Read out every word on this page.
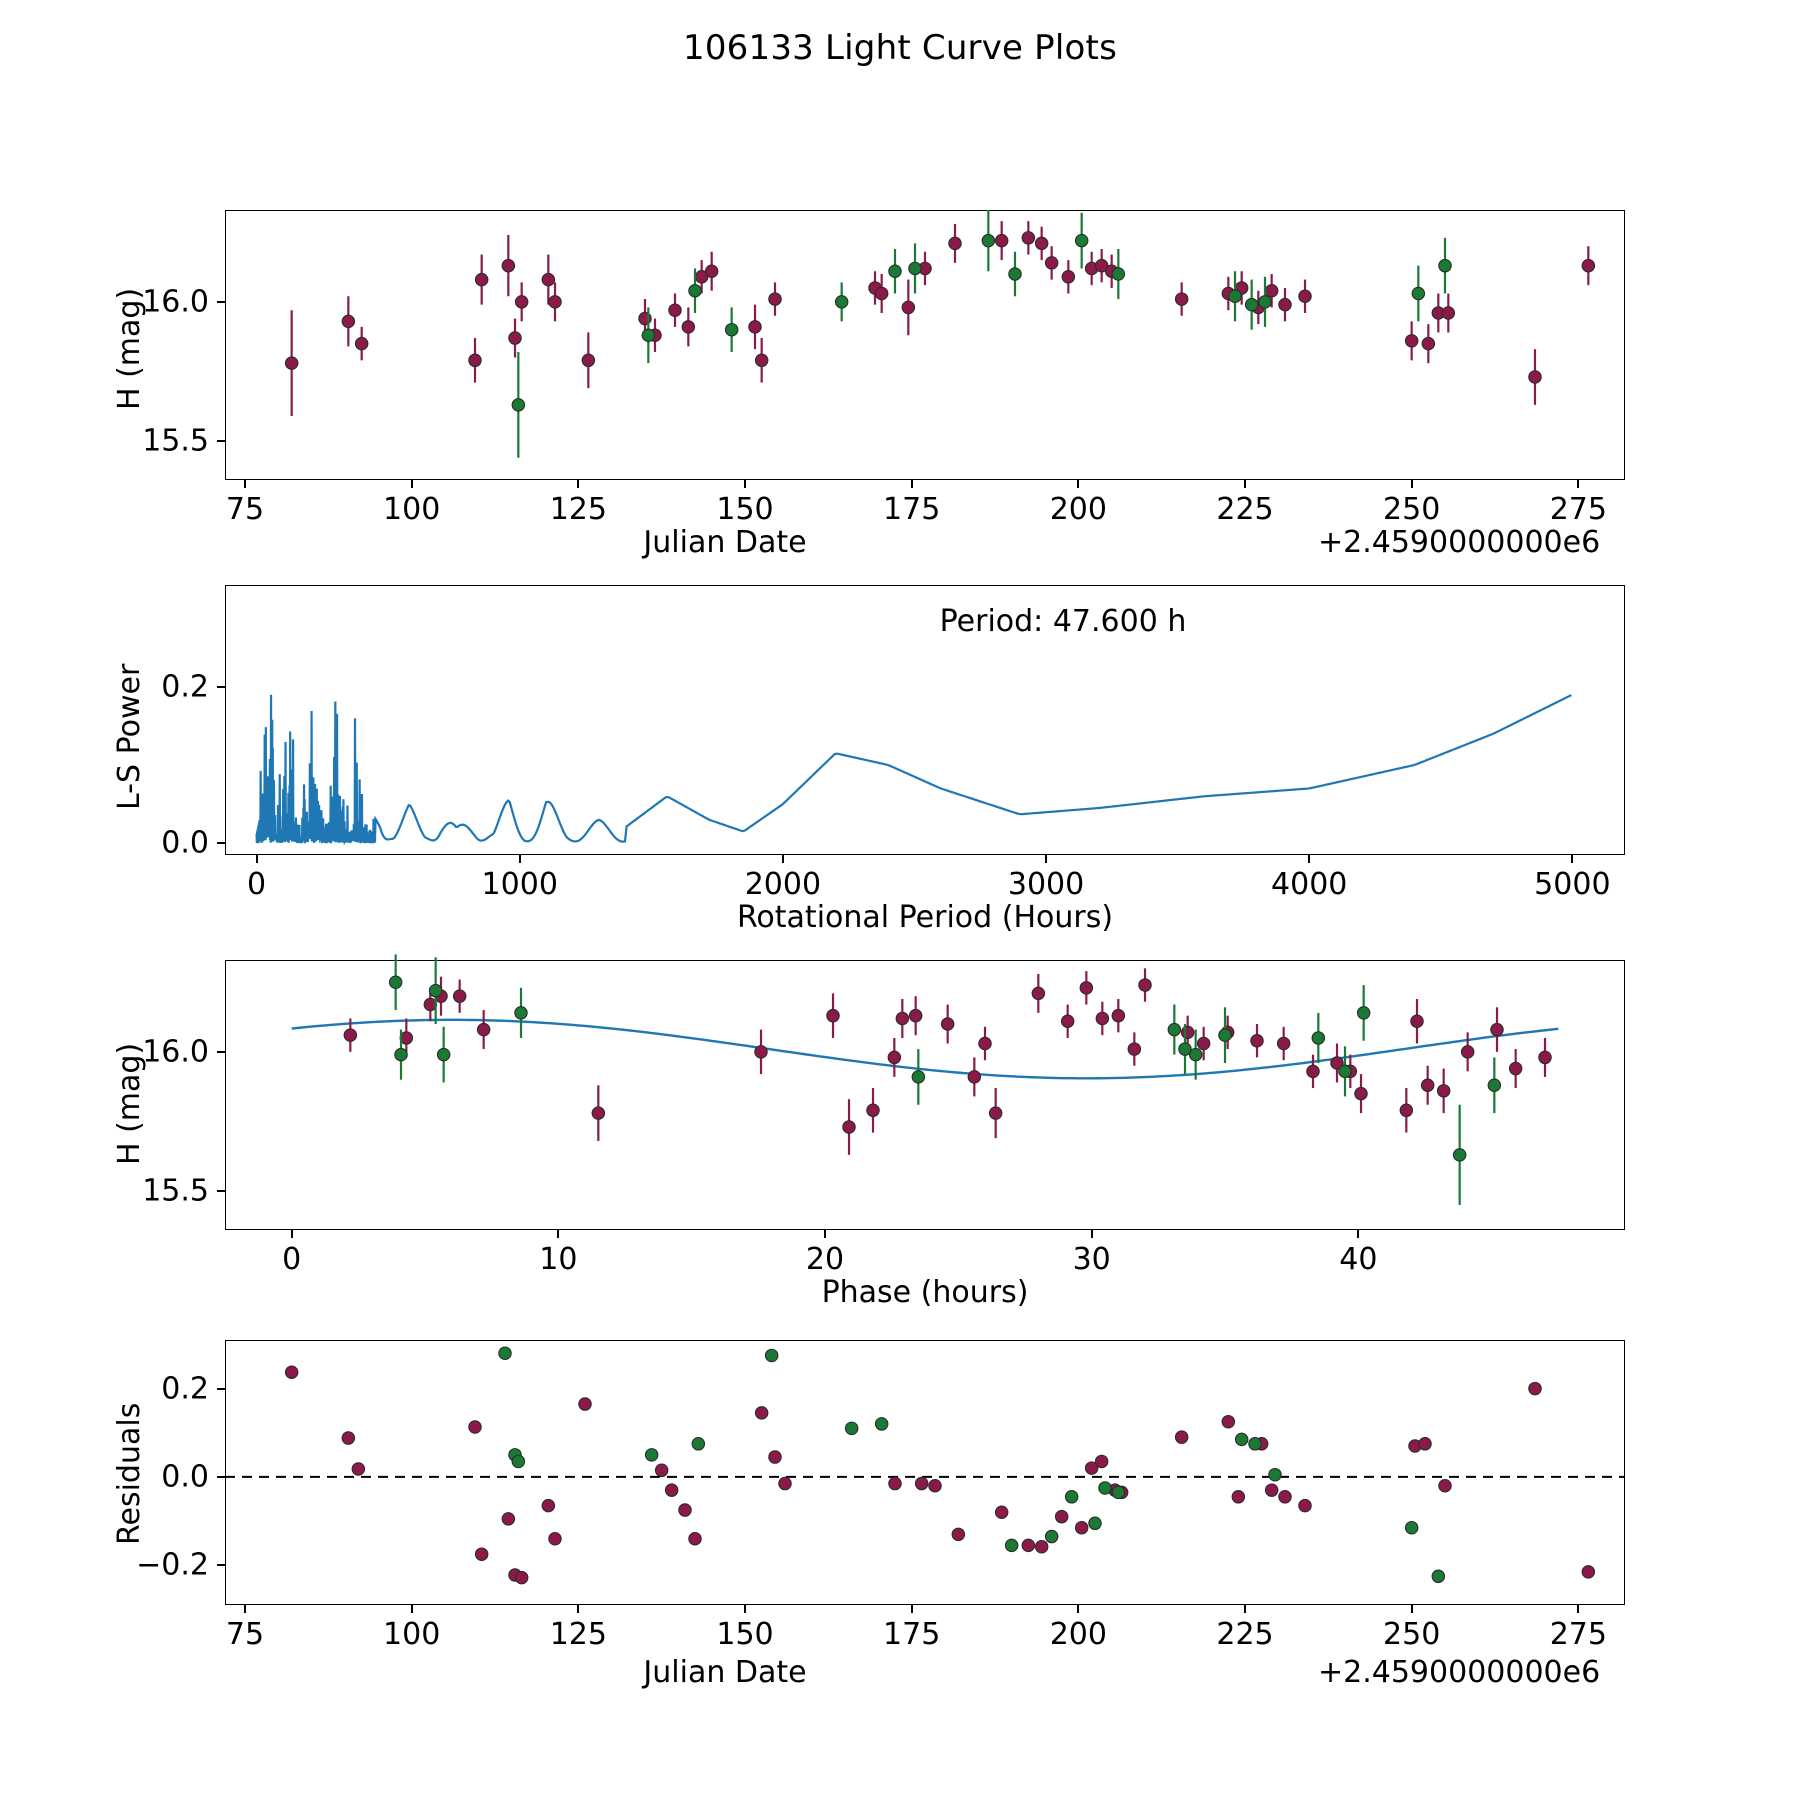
106133 Light Curve Plots
H (mag)
Julian Date	+2.4590000000e6
75	100	125	150	175	200	225	250	275
15.5
16.0
Period: 47.600 h
L-S Power
Rotational Period (Hours)
0	1000	2000	3000	4000	5000
0.0
0.2
H (mag)
Phase (hours)
0	10	20	30	40
15.5
16.0
Residuals
Julian Date	+2.4590000000e6
75	100	125	150	175	200	225	250	275
−0.2
0.0
0.2
